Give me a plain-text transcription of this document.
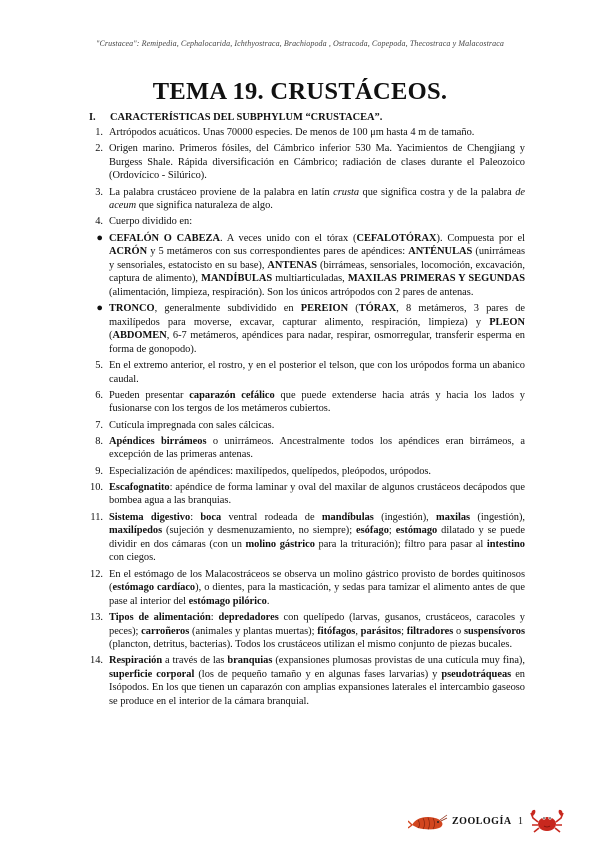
"Crustacea": Remipedia, Cephalocarida, Ichthyostraca, Brachiopoda , Ostracoda, Copepoda, Thecostraca y Malacostraca
TEMA 19. CRUSTÁCEOS.
I. CARACTERÍSTICAS DEL SUBPHYLUM “CRUSTACEA”.
1. Artrópodos acuáticos. Unas 70000 especies. De menos de 100 μm hasta 4 m de tamaño.
2. Origen marino. Primeros fósiles, del Cámbrico inferior 530 Ma. Yacimientos de Chengjiang y Burgess Shale. Rápida diversificación en Cámbrico; radiación de clases durante el Paleozoico (Ordovícico - Silúrico).
3. La palabra crustáceo proviene de la palabra en latín crusta que significa costra y de la palabra de aceum que significa naturaleza de algo.
4. Cuerpo dividido en:
● CEFALÓN O CABEZA. A veces unido con el tórax (CEFALOTÓRAX). Compuesta por el ACRÓN y 5 metámeros con sus correspondientes pares de apéndices: ANTÉNULAS (unirrámeas y sensoriales, estatocisto en su base), ANTENAS (birrámeas, sensoriales, locomoción, excavación, captura de alimento), MANDÍBULAS multiarticuladas, MAXILAS PRIMERAS Y SEGUNDAS (alimentación, limpieza, respiración). Son los únicos artrópodos con 2 pares de antenas.
● TRONCO, generalmente subdividido en PEREION (TÓRAX, 8 metámeros, 3 pares de maxilípedos para moverse, excavar, capturar alimento, respiración, limpieza) y PLEON (ABDOMEN, 6-7 metámeros, apéndices para nadar, respirar, osmorregular, transferir esperma en forma de gonopodo).
5. En el extremo anterior, el rostro, y en el posterior el telson, que con los urópodos forma un abanico caudal.
6. Pueden presentar caparazón cefálico que puede extenderse hacia atrás y hacia los lados y fusionarse con los tergos de los metámeros cubiertos.
7. Cutícula impregnada con sales cálcicas.
8. Apéndices birrámeos o unirrámeos. Ancestralmente todos los apéndices eran birrámeos, a excepción de las primeras antenas.
9. Especialización de apéndices: maxilípedos, quelípedos, pleópodos, urópodos.
10. Escafognatito: apéndice de forma laminar y oval del maxilar de algunos crustáceos decápodos que bombea agua a las branquias.
11. Sistema digestivo: boca ventral rodeada de mandíbulas (ingestión), maxilas (ingestión), maxilípedos (sujeción y desmenuzamiento, no siempre); esófago; estómago dilatado y se puede dividir en dos cámaras (con un molino gástrico para la trituración); filtro para pasar al intestino con ciegos.
12. En el estómago de los Malacostráceos se observa un molino gástrico provisto de bordes quitinosos (estómago cardíaco), o dientes, para la masticación, y sedas para tamizar el alimento antes de que pase al interior del estómago pilórico.
13. Tipos de alimentación: depredadores con quelípedo (larvas, gusanos, crustáceos, caracoles y peces); carroñeros (animales y plantas muertas); fitófagos, parásitos; filtradores o suspensívoros (plancton, detritus, bacterias). Todos los crustáceos utilizan el mismo conjunto de piezas bucales.
14. Respiración a través de las branquias (expansiones plumosas provistas de una cutícula muy fina), superficie corporal (los de pequeño tamaño y en algunas fases larvarias) y pseudotráqueas en Isópodos. En los que tienen un caparazón con amplias expansiones laterales el intercambio gaseoso se produce en el interior de la cámara branquial.
ZOOLOGÍA 1
